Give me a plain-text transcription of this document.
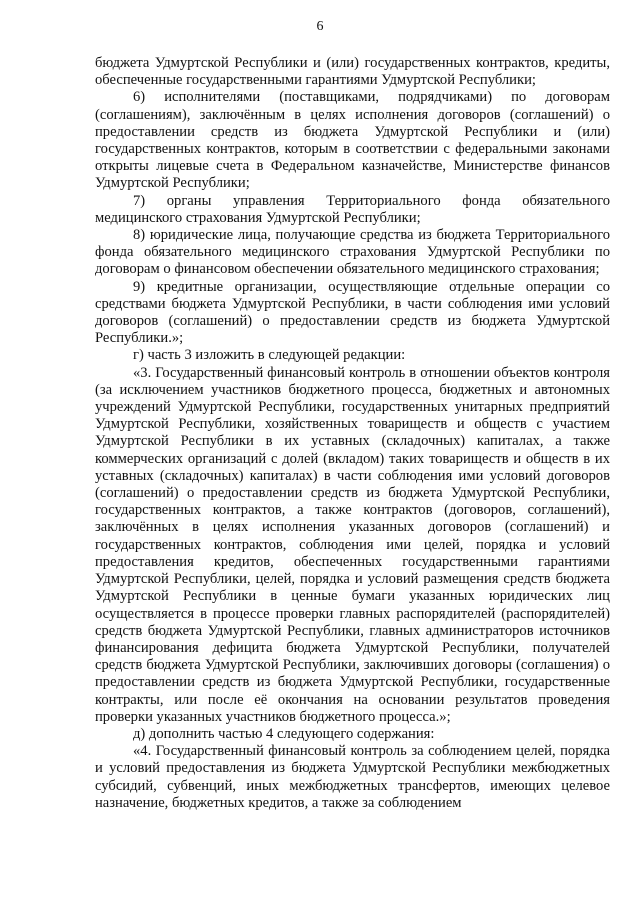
6

бюджета Удмуртской Республики и (или) государственных контрактов, кредиты, обеспеченные государственными гарантиями Удмуртской Республики;

6) исполнителями (поставщиками, подрядчиками) по договорам (соглашениям), заключённым в целях исполнения договоров (соглашений) о предоставлении средств из бюджета Удмуртской Республики и (или) государственных контрактов, которым в соответствии с федеральными законами открыты лицевые счета в Федеральном казначействе, Министерстве финансов Удмуртской Республики;

7) органы управления Территориального фонда обязательного медицинского страхования Удмуртской Республики;

8) юридические лица, получающие средства из бюджета Территориального фонда обязательного медицинского страхования Удмуртской Республики по договорам о финансовом обеспечении обязательного медицинского страхования;

9) кредитные организации, осуществляющие отдельные операции со средствами бюджета Удмуртской Республики, в части соблюдения ими условий договоров (соглашений) о предоставлении средств из бюджета Удмуртской Республики.»;

г) часть 3 изложить в следующей редакции:

«3. Государственный финансовый контроль в отношении объектов контроля (за исключением участников бюджетного процесса, бюджетных и автономных учреждений Удмуртской Республики, государственных унитарных предприятий Удмуртской Республики, хозяйственных товариществ и обществ с участием Удмуртской Республики в их уставных (складочных) капиталах, а также коммерческих организаций с долей (вкладом) таких товариществ и обществ в их уставных (складочных) капиталах) в части соблюдения ими условий договоров (соглашений) о предоставлении средств из бюджета Удмуртской Республики, государственных контрактов, а также контрактов (договоров, соглашений), заключённых в целях исполнения указанных договоров (соглашений) и государственных контрактов, соблюдения ими целей, порядка и условий предоставления кредитов, обеспеченных государственными гарантиями Удмуртской Республики, целей, порядка и условий размещения средств бюджета Удмуртской Республики в ценные бумаги указанных юридических лиц осуществляется в процессе проверки главных распорядителей (распорядителей) средств бюджета Удмуртской Республики, главных администраторов источников финансирования дефицита бюджета Удмуртской Республики, получателей средств бюджета Удмуртской Республики, заключивших договоры (соглашения) о предоставлении средств из бюджета Удмуртской Республики, государственные контракты, или после её окончания на основании результатов проведения проверки указанных участников бюджетного процесса.»;

д) дополнить частью 4 следующего содержания:

«4. Государственный финансовый контроль за соблюдением целей, порядка и условий предоставления из бюджета Удмуртской Республики межбюджетных субсидий, субвенций, иных межбюджетных трансфертов, имеющих целевое назначение, бюджетных кредитов, а также за соблюдением
